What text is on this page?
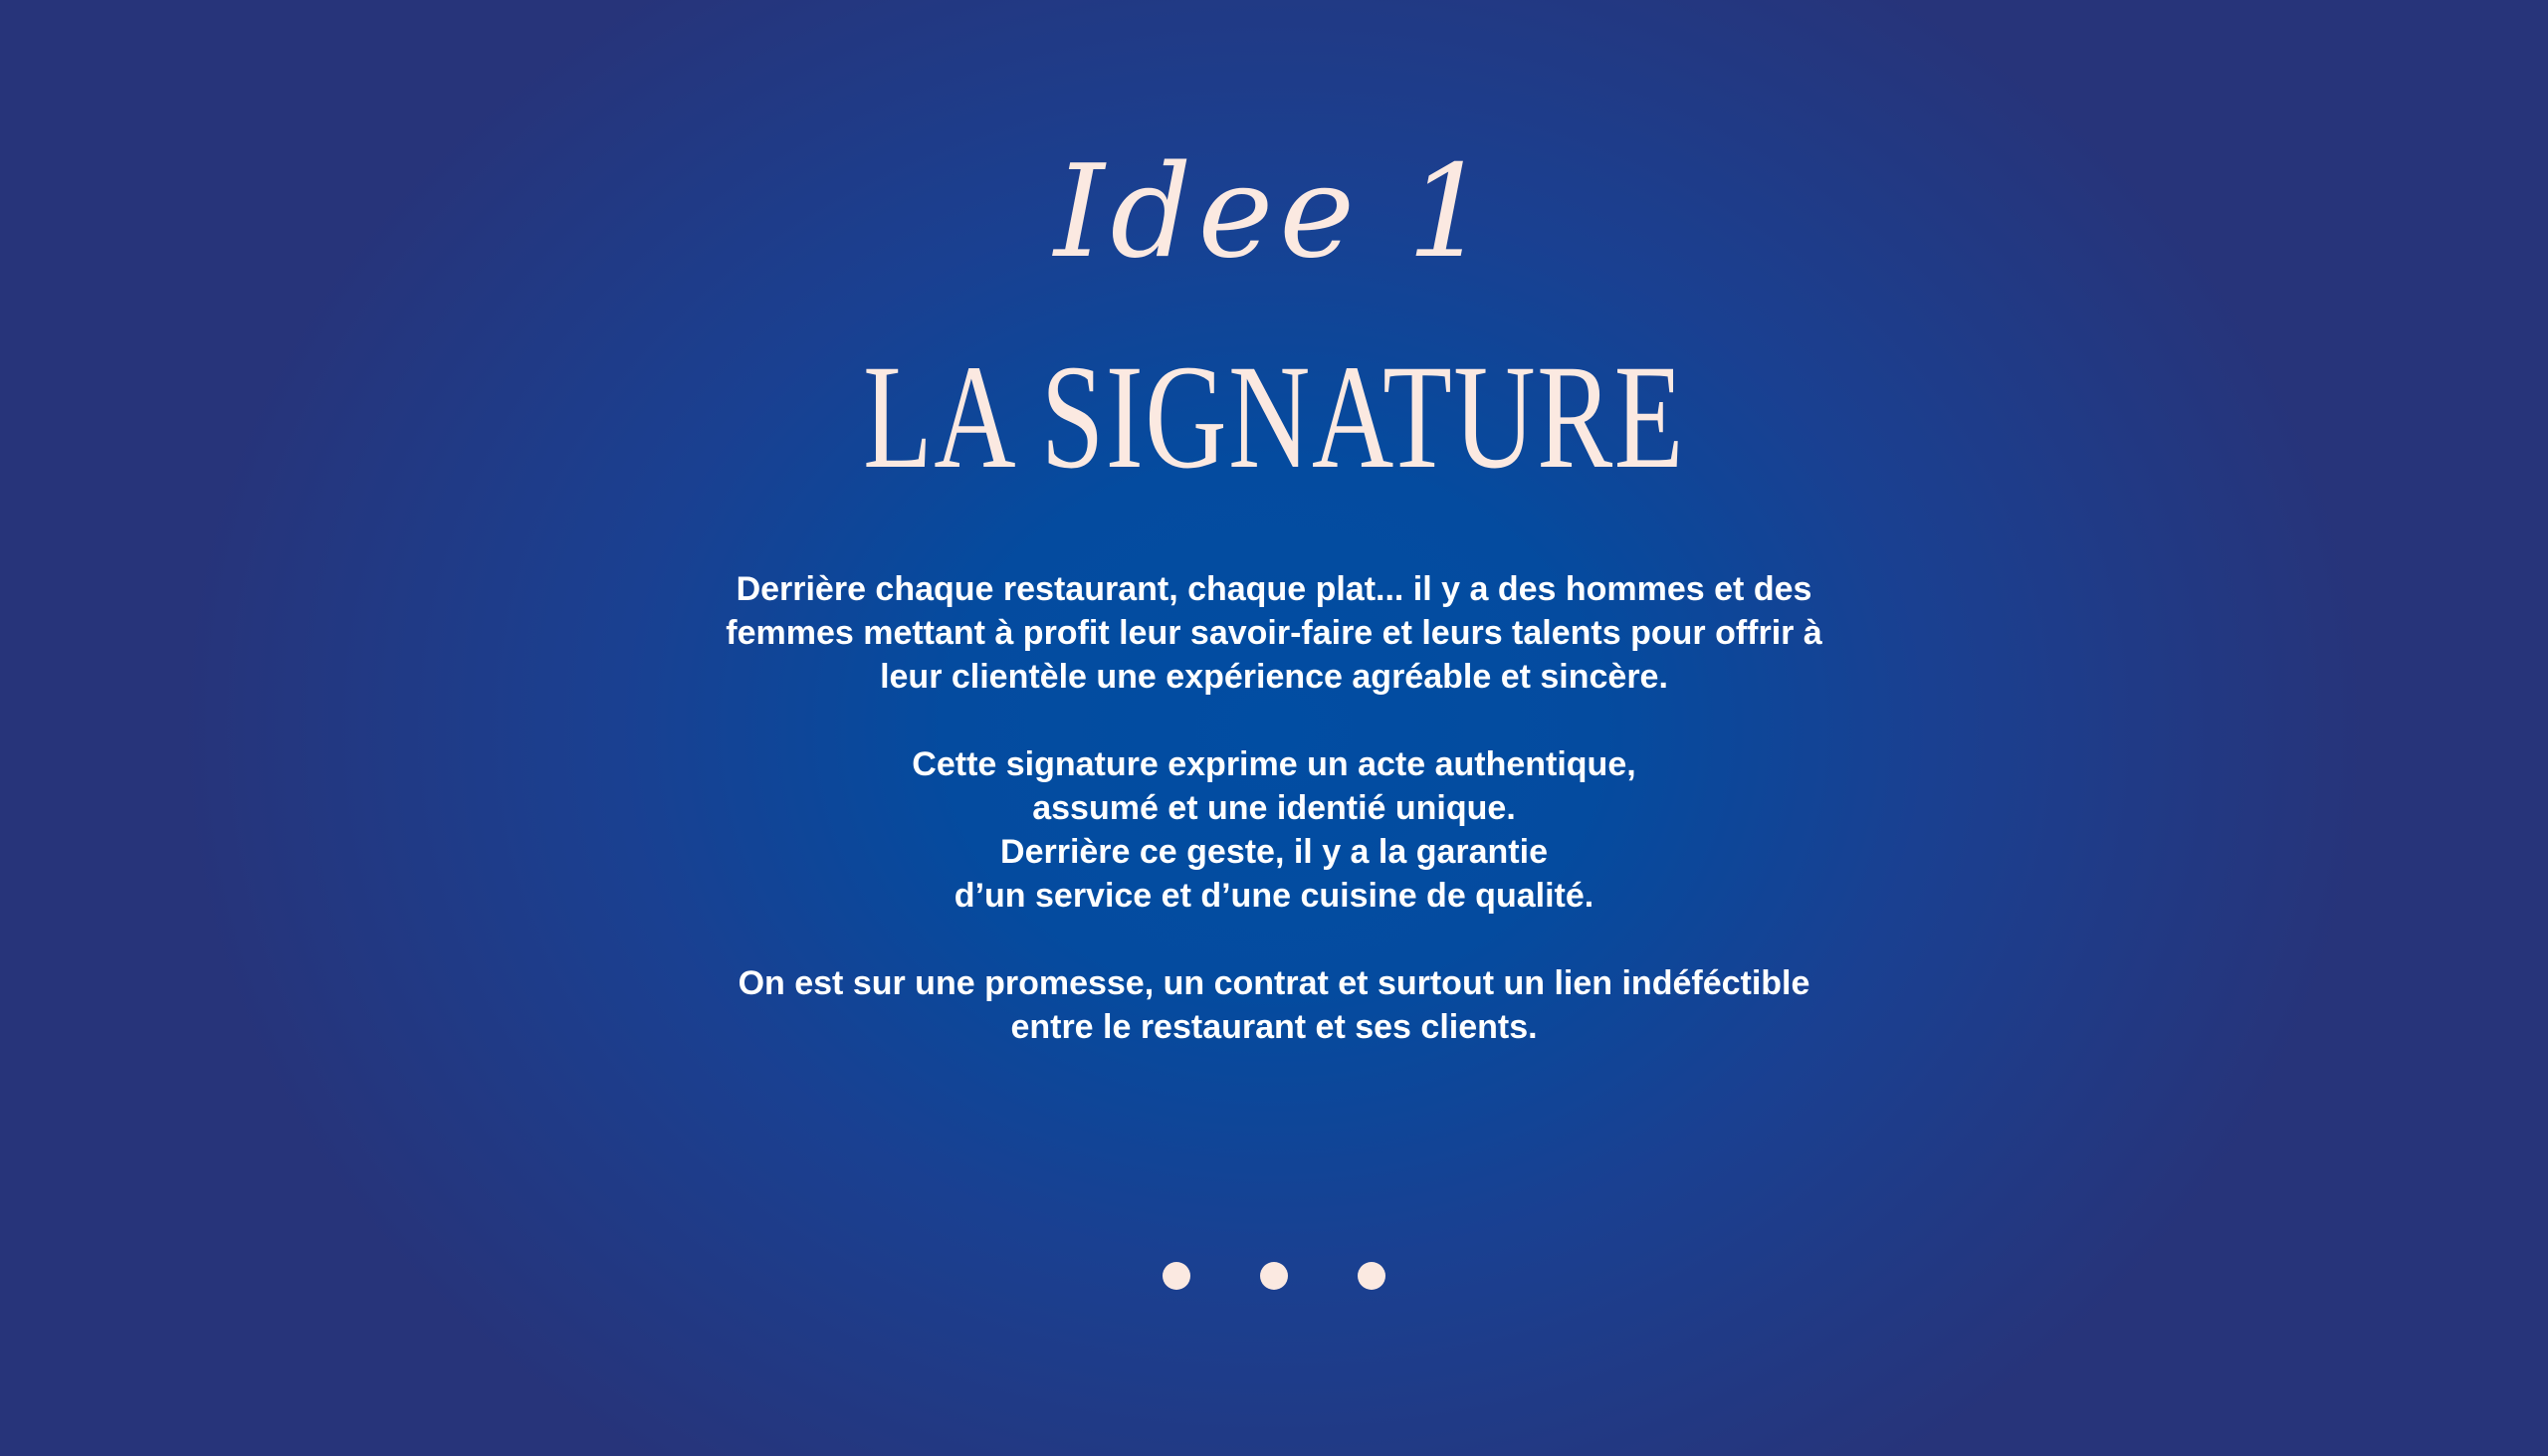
Idee 1
LA SIGNATURE

Derrière chaque restaurant, chaque plat... il y a des hommes et des
femmes mettant à profit leur savoir-faire et leurs talents pour offrir à
leur clientèle une expérience agréable et sincère.

Cette signature exprime un acte authentique,
assumé et une identié unique.
Derrière ce geste, il y a la garantie
d’un service et d’une cuisine de qualité.

On est sur une promesse, un contrat et surtout un lien indéféctible
entre le restaurant et ses clients.
